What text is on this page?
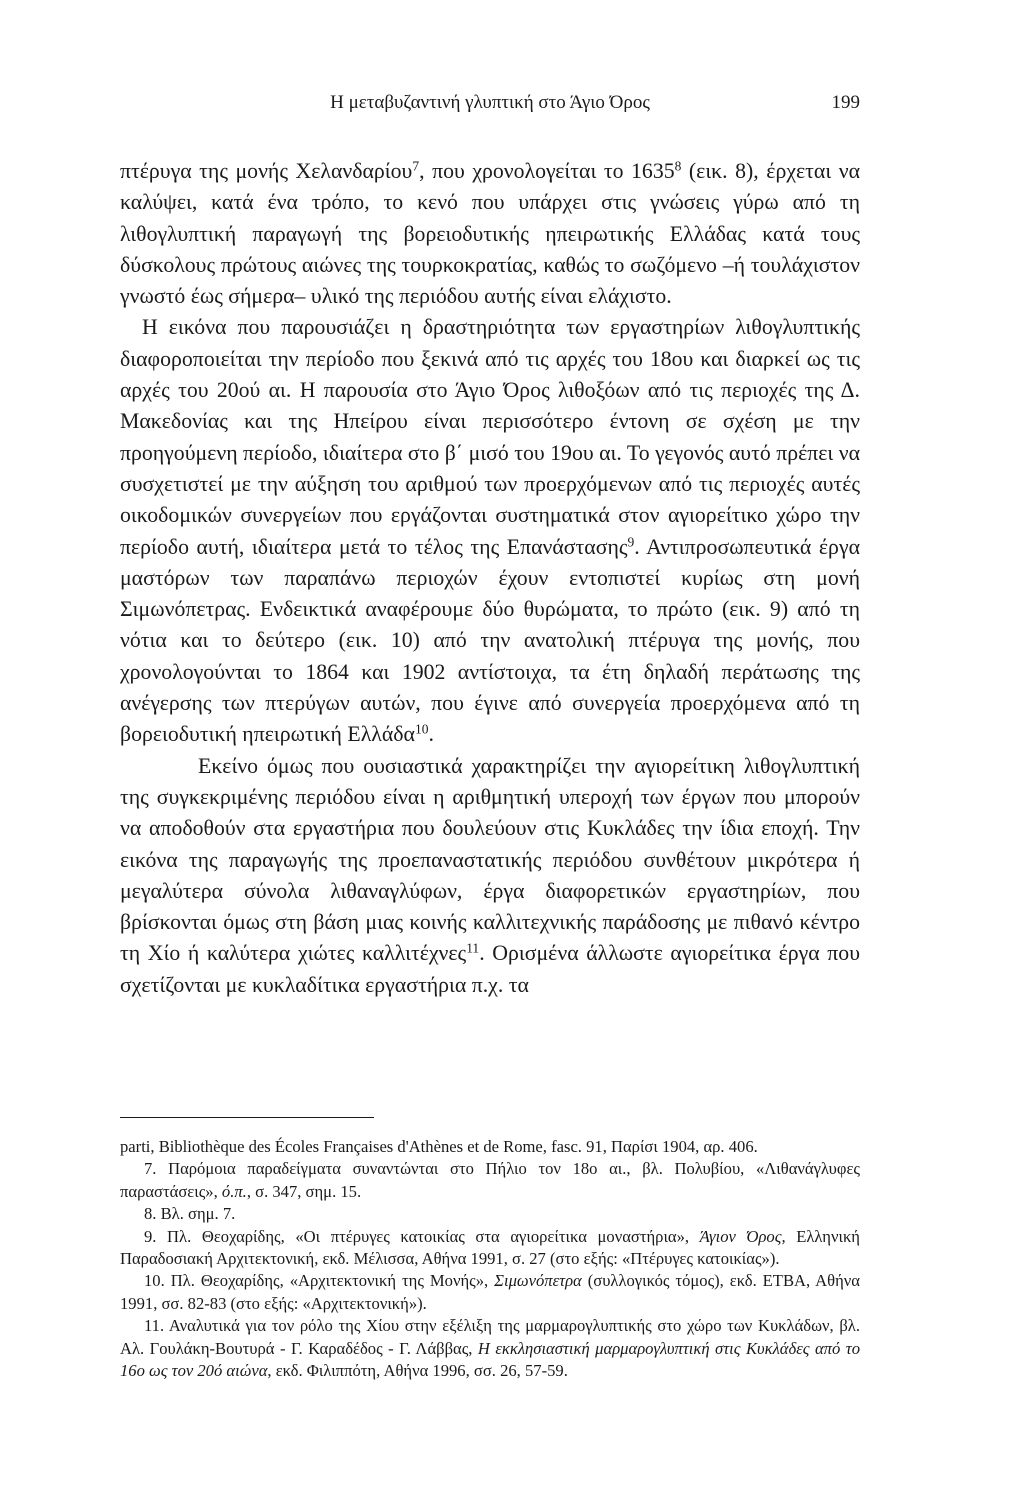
Η μεταβυζαντινή γλυπτική στο Άγιο Όρος	199

πτέρυγα της μονής Χελανδαρίου$^7$, που χρονολογείται το 1635$^8$ (εικ. 8), έρχεται να καλύψει, κατά ένα τρόπο, το κενό που υπάρχει στις γνώσεις γύρω από τη λιθογλυπτική παραγωγή της βορειοδυτικής ηπειρωτικής Ελλάδας κατά τους δύσκολους πρώτους αιώνες της τουρκοκρατίας, καθώς το σωζόμενο –ή τουλάχιστον γνωστό έως σήμερα– υλικό της περιόδου αυτής είναι ελάχιστο.

Η εικόνα που παρουσιάζει η δραστηριότητα των εργαστηρίων λιθογλυπτικής διαφοροποιείται την περίοδο που ξεκινά από τις αρχές του 18ου και διαρκεί ως τις αρχές του 20ού αι. Η παρουσία στο Άγιο Όρος λιθοξόων από τις περιοχές της Δ. Μακεδονίας και της Ηπείρου είναι περισσότερο έντονη σε σχέση με την προηγούμενη περίοδο, ιδιαίτερα στο β΄ μισό του 19ου αι. Το γεγονός αυτό πρέπει να συσχετιστεί με την αύξηση του αριθμού των προερχόμενων από τις περιοχές αυτές οικοδομικών συνεργείων που εργάζονται συστηματικά στον αγιορείτικο χώρο την περίοδο αυτή, ιδιαίτερα μετά το τέλος της Επανάστασης$^9$. Αντιπροσωπευτικά έργα μαστόρων των παραπάνω περιοχών έχουν εντοπιστεί κυρίως στη μονή Σιμωνόπετρας. Ενδεικτικά αναφέρουμε δύο θυρώματα, το πρώτο (εικ. 9) από τη νότια και το δεύτερο (εικ. 10) από την ανατολική πτέρυγα της μονής, που χρονολογούνται το 1864 και 1902 αντίστοιχα, τα έτη δηλαδή περάτωσης της ανέγερσης των πτερύγων αυτών, που έγινε από συνεργεία προερχόμενα από τη βορειοδυτική ηπειρωτική Ελλάδα$^{10}$.

Εκείνο όμως που ουσιαστικά χαρακτηρίζει την αγιορείτικη λιθογλυπτική της συγκεκριμένης περιόδου είναι η αριθμητική υπεροχή των έργων που μπορούν να αποδοθούν στα εργαστήρια που δουλεύουν στις Κυκλάδες την ίδια εποχή. Την εικόνα της παραγωγής της προεπαναστατικής περιόδου συνθέτουν μικρότερα ή μεγαλύτερα σύνολα λιθαναγλύφων, έργα διαφορετικών εργαστηρίων, που βρίσκονται όμως στη βάση μιας κοινής καλλιτεχνικής παράδοσης με πιθανό κέντρο τη Χίο ή καλύτερα χιώτες καλλιτέχνες$^{11}$. Ορισμένα άλλωστε αγιορείτικα έργα που σχετίζονται με κυκλαδίτικα εργαστήρια π.χ. τα

parti, Bibliothèque des Écoles Françaises d'Athènes et de Rome, fasc. 91, Παρίσι 1904, αρ. 406.

7. Παρόμοια παραδείγματα συναντώνται στο Πήλιο τον 18ο αι., βλ. Πολυβίου, «Λιθανάγλυφες παραστάσεις», ό.π., σ. 347, σημ. 15.

8. Βλ. σημ. 7.

9. Πλ. Θεοχαρίδης, «Οι πτέρυγες κατοικίας στα αγιορείτικα μοναστήρια», Άγιον Όρος, Ελληνική Παραδοσιακή Αρχιτεκτονική, εκδ. Μέλισσα, Αθήνα 1991, σ. 27 (στο εξής: «Πτέρυγες κατοικίας»).

10. Πλ. Θεοχαρίδης, «Αρχιτεκτονική της Μονής», Σιμωνόπετρα (συλλογικός τόμος), εκδ. ΕΤΒΑ, Αθήνα 1991, σσ. 82-83 (στο εξής: «Αρχιτεκτονική»).

11. Αναλυτικά για τον ρόλο της Χίου στην εξέλιξη της μαρμαρογλυπτικής στο χώρο των Κυκλάδων, βλ. Αλ. Γουλάκη-Βουτυρά - Γ. Καραδέδος - Γ. Λάββας, Η εκκλησιαστική μαρμαρογλυπτική στις Κυκλάδες από το 16ο ως τον 20ό αιώνα, εκδ. Φιλιππότη, Αθήνα 1996, σσ. 26, 57-59.
